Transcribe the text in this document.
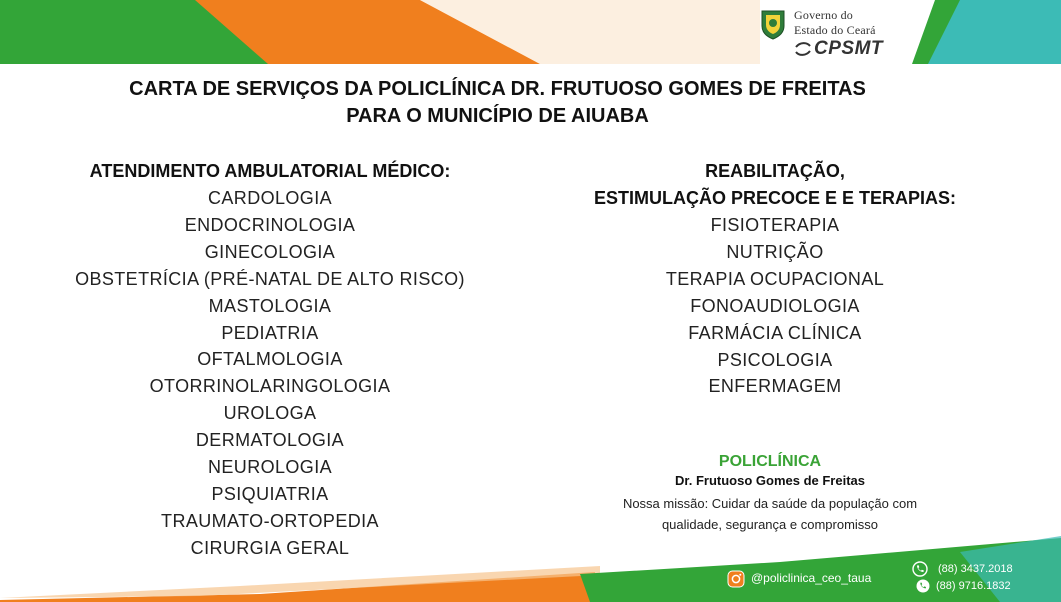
Governo do
Estado do Ceará
CPSMT
CARTA DE SERVIÇOS DA POLICLÍNICA DR. FRUTUOSO GOMES DE FREITAS
PARA O MUNICÍPIO DE AIUABA
ATENDIMENTO AMBULATORIAL MÉDICO:
CARDOLOGIA
ENDOCRINOLOGIA
GINECOLOGIA
OBSTETRÍCIA (PRÉ-NATAL DE ALTO RISCO)
MASTOLOGIA
PEDIATRIA
OFTALMOLOGIA
OTORRINOLARINGOLOGIA
UROLOGA
DERMATOLOGIA
NEUROLOGIA
PSIQUIATRIA
TRAUMATO-ORTOPEDIA
CIRURGIA GERAL
REABILITAÇÃO,
ESTIMULAÇÃO PRECOCE E E TERAPIAS:
FISIOTERAPIA
NUTRIÇÃO
TERAPIA OCUPACIONAL
FONOAUDIOLOGIA
FARMÁCIA CLÍNICA
PSICOLOGIA
ENFERMAGEM
POLICLÍNICA
Dr. Frutuoso Gomes de Freitas
Nossa missão: Cuidar da saúde da população com
qualidade, segurança e compromisso
@policlinica_ceo_taua
(88) 3437.2018
(88) 9716.1832
